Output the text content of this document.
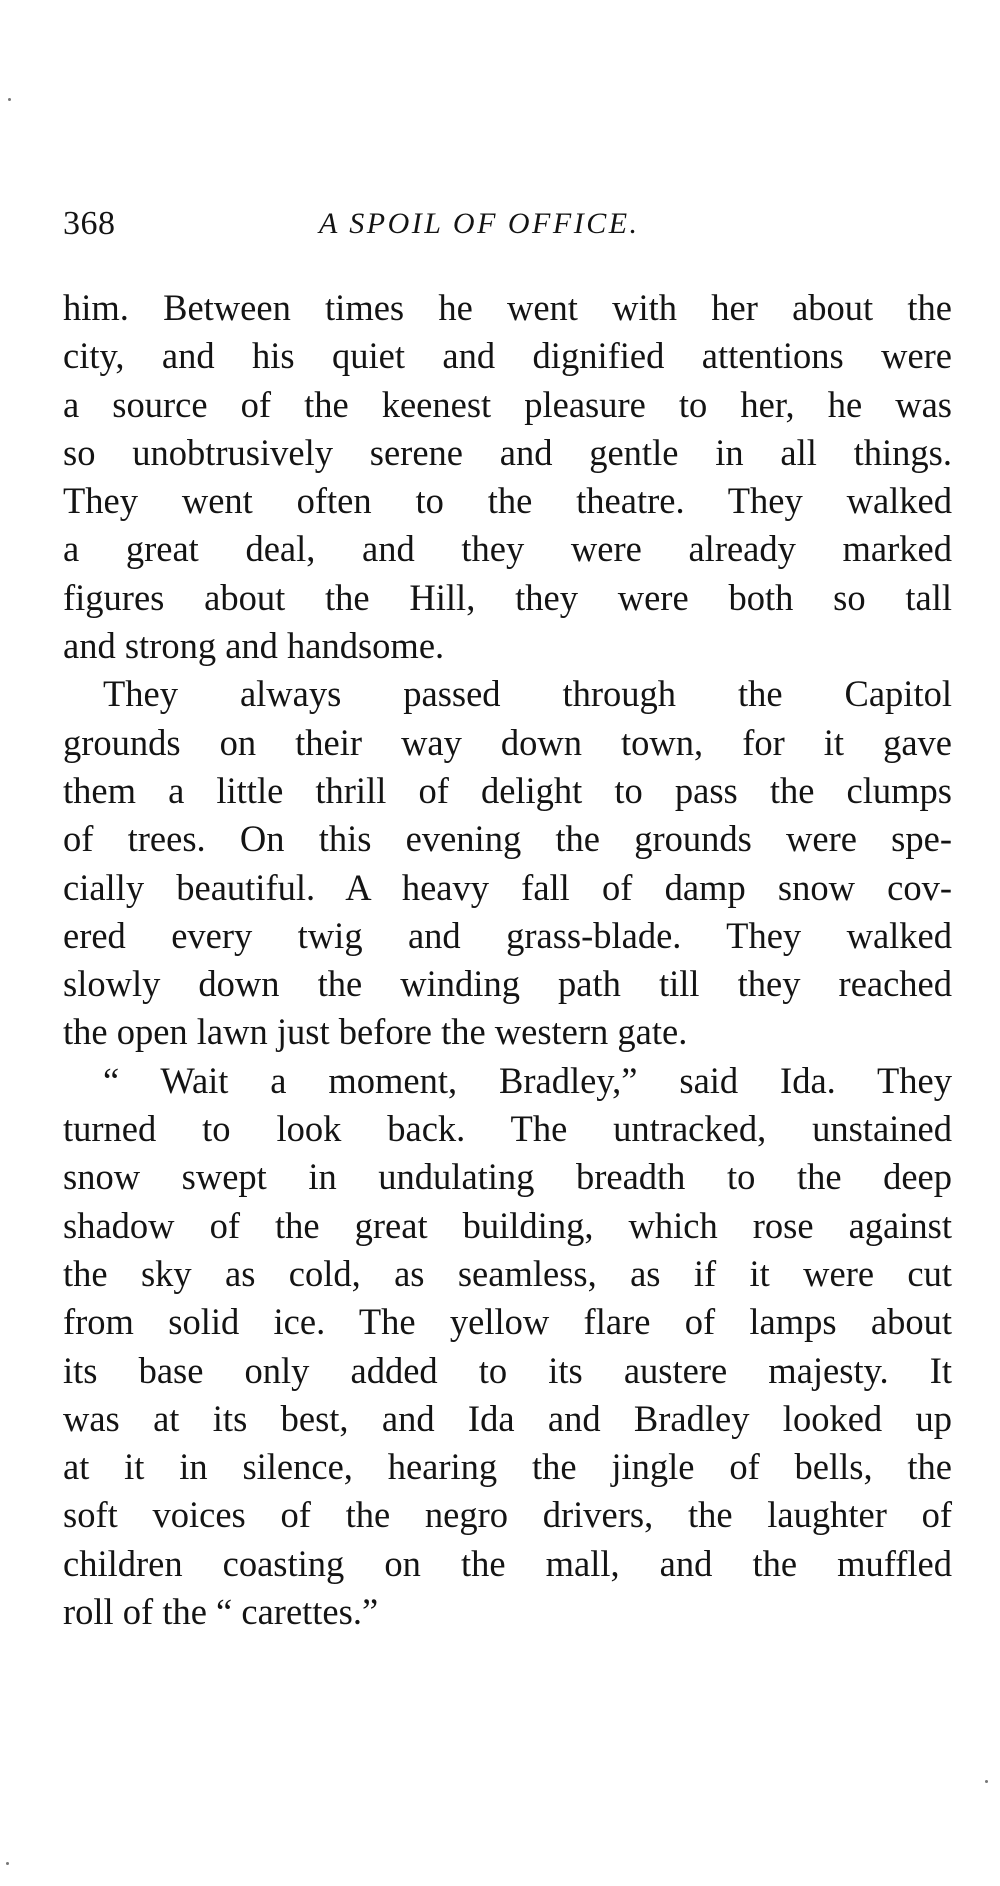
368	A SPOIL OF OFFICE.
him. Between times he went with her about the
city, and his quiet and dignified attentions were
a source of the keenest pleasure to her, he was
so unobtrusively serene and gentle in all things.
They went often to the theatre. They walked
a great deal, and they were already marked
figures about the Hill, they were both so tall
and strong and handsome.
They always passed through the Capitol
grounds on their way down town, for it gave
them a little thrill of delight to pass the clumps
of trees. On this evening the grounds were spe-
cially beautiful. A heavy fall of damp snow cov-
ered every twig and grass-blade. They walked
slowly down the winding path till they reached
the open lawn just before the western gate.
“ Wait a moment, Bradley,” said Ida. They
turned to look back. The untracked, unstained
snow swept in undulating breadth to the deep
shadow of the great building, which rose against
the sky as cold, as seamless, as if it were cut
from solid ice. The yellow flare of lamps about
its base only added to its austere majesty. It
was at its best, and Ida and Bradley looked up
at it in silence, hearing the jingle of bells, the
soft voices of the negro drivers, the laughter of
children coasting on the mall, and the muffled
roll of the “ carettes.”
